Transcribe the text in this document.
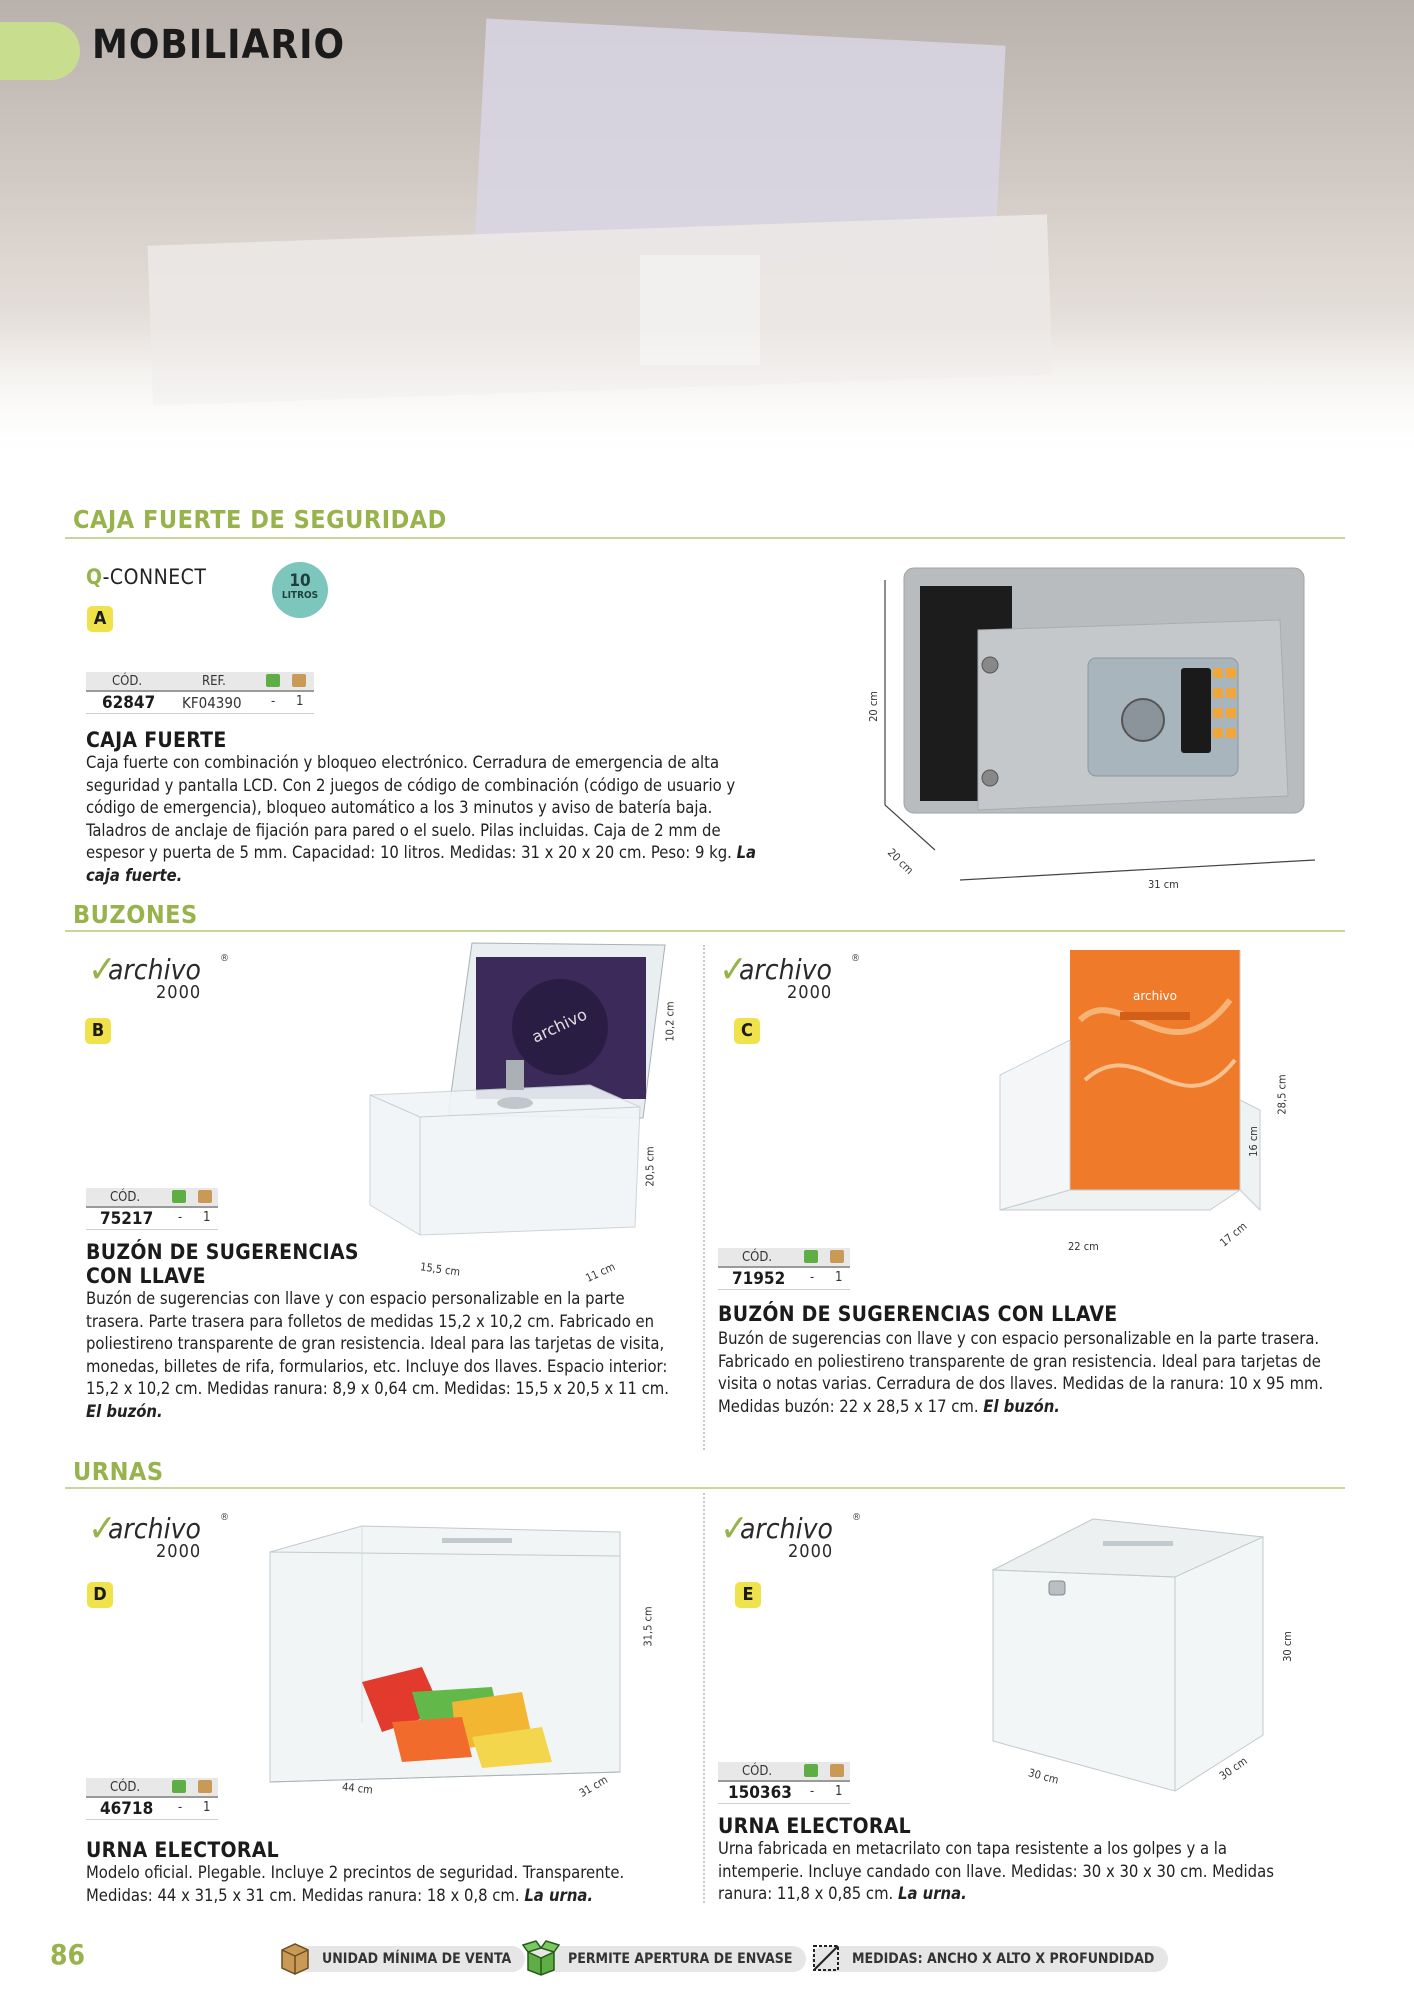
MOBILIARIO
CAJA FUERTE DE SEGURIDAD
Q-CONNECT	10
LITROS
A
CÓD.	REF.
62847 KF04390 - 1
CAJA FUERTE
Caja fuerte con combinación y bloqueo electrónico. Cerradura de emergencia de alta seguridad y pantalla LCD. Con 2 juegos de código de combinación (código de usuario y código de emergencia), bloqueo automático a los 3 minutos y aviso de batería baja. Taladros de anclaje de fijación para pared o el suelo. Pilas incluidas. Caja de 2 mm de espesor y puerta de 5 mm. Capacidad: 10 litros. Medidas: 31 x 20 x 20 cm. Peso: 9 kg. La caja fuerte.
20 cm
20 cm
31 cm
BUZONES
✓
archivo ®
2000
B	archivo	10,2 cm
20,5 cm
15,5 cm	11 cm
CÓD.
75217 - 1
BUZÓN DE SUGERENCIAS
CON LLAVE
Buzón de sugerencias con llave y con espacio personalizable en la parte trasera. Parte trasera para folletos de medidas 15,2 x 10,2 cm. Fabricado en poliestireno transparente de gran resistencia. Ideal para las tarjetas de visita, monedas, billetes de rifa, formularios, etc. Incluye dos llaves. Espacio interior: 15,2 x 10,2 cm. Medidas ranura: 8,9 x 0,64 cm. Medidas: 15,5 x 20,5 x 11 cm. El buzón.
✓
archivo ®
2000
C
archivo
28,5 cm
16 cm
22 cm	17 cm
CÓD.
71952 - 1
BUZÓN DE SUGERENCIAS CON LLAVE
Buzón de sugerencias con llave y con espacio personalizable en la parte trasera. Fabricado en poliestireno transparente de gran resistencia. Ideal para tarjetas de visita o notas varias. Cerradura de dos llaves. Medidas de la ranura: 10 x 95 mm. Medidas buzón: 22 x 28,5 x 17 cm. El buzón.
URNAS
✓
archivo ®
2000
D
31,5 cm
44 cm	31 cm
CÓD.
46718 - 1
URNA ELECTORAL
Modelo oficial. Plegable. Incluye 2 precintos de seguridad. Transparente. Medidas: 44 x 31,5 x 31 cm. Medidas ranura: 18 x 0,8 cm. La urna.
✓
archivo ®
2000
E
30 cm
30 cm	30 cm
CÓD.
150363 - 1
URNA ELECTORAL
Urna fabricada en metacrilato con tapa resistente a los golpes y a la intemperie. Incluye candado con llave. Medidas: 30 x 30 x 30 cm. Medidas ranura: 11,8 x 0,85 cm. La urna.
86	UNIDAD MÍNIMA DE VENTA	PERMITE APERTURA DE ENVASE	MEDIDAS: ANCHO X ALTO X PROFUNDIDAD
